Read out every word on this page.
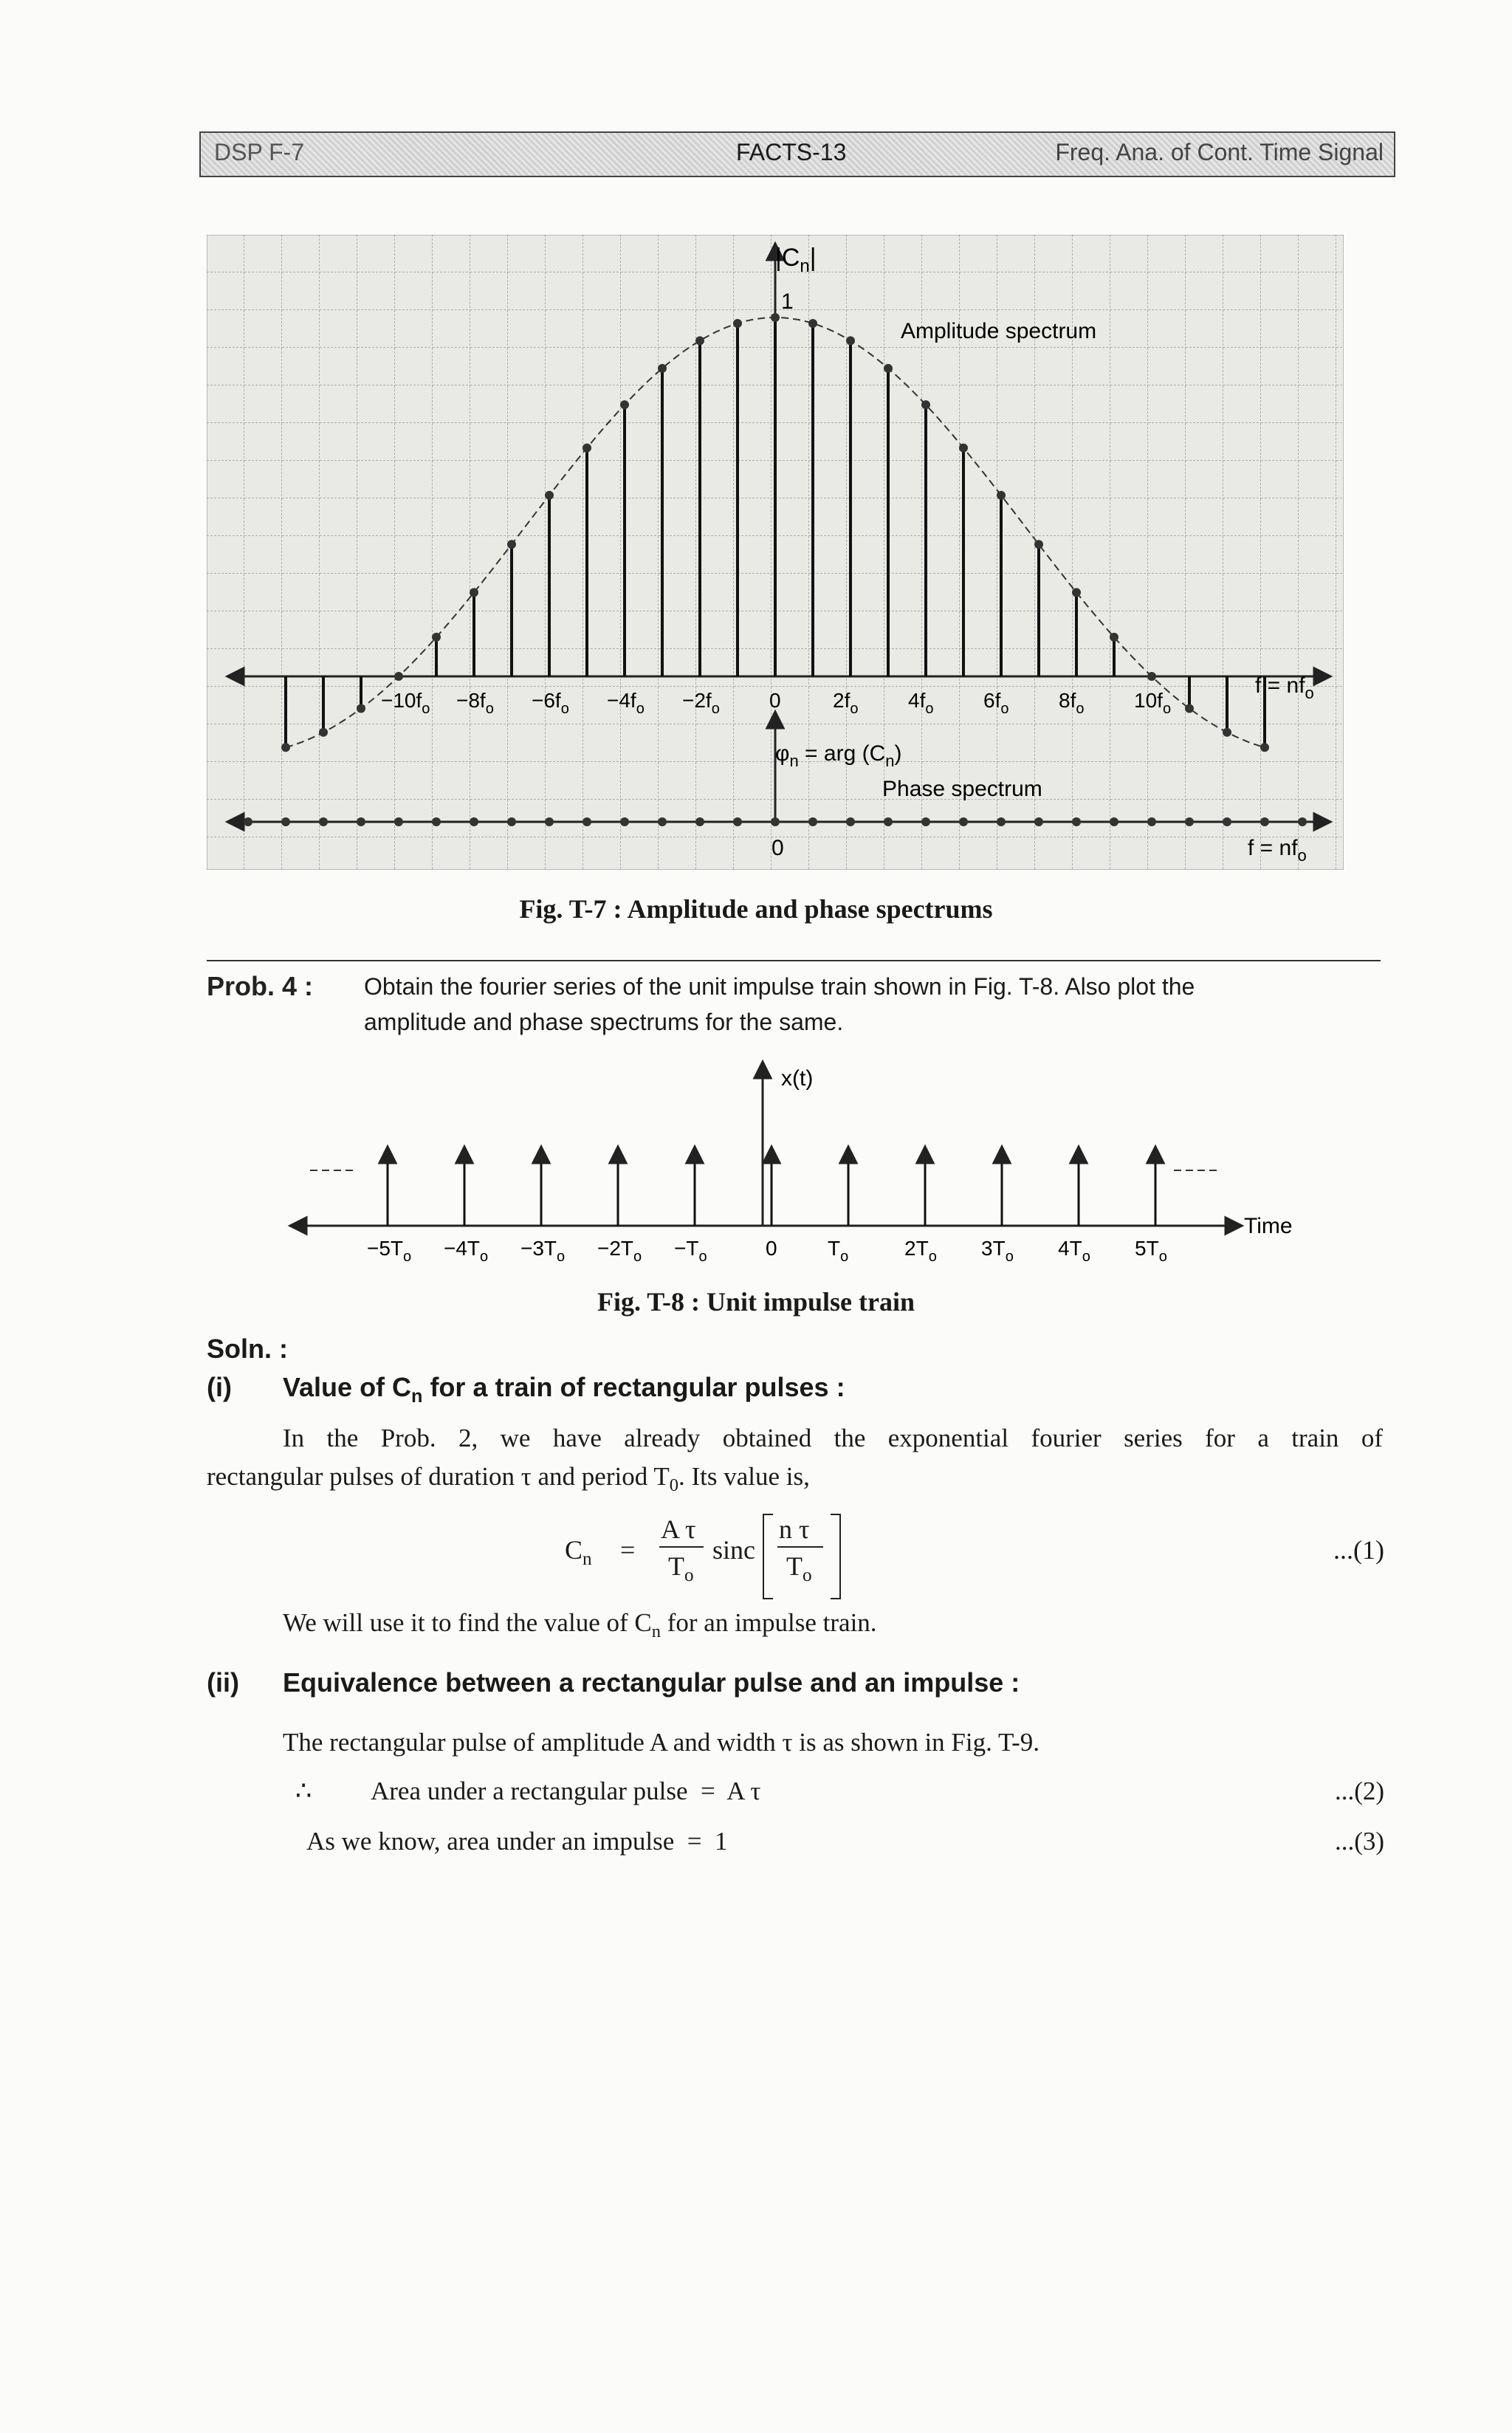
DSP F-7	FACTS-13	Freq. Ana. of Cont. Time Signal
$|C_n|$
1
Amplitude spectrum
$f = nf_o$
$\varphi_n$ = arg $(C_n)$
Phase spectrum
0	$f = nf_o$
$-10f_o -8f_o -6f_o -4f_o -2f_o$ 0	$2f_o$ $4f_o$ $6f_o$ $8f_o$ $10f_o$
Fig. T-7 : Amplitude and phase spectrums
Prob. 4 : Obtain the fourier series of the unit impulse train shown in Fig. T-8. Also plot the
amplitude and phase spectrums for the same.
$-5T_o -4T_o -3T_o -2T_o -T_o$	0 $T_o$	$2T_o$ $3T_o$ $4T_o$ $5T_o$
x(t)
Time
Fig. T-8 : Unit impulse train
Soln. :
(i) Value of $C_n$ for a train of rectangular pulses :
In the Prob. 2, we have already obtained the exponential fourier series for a train of
rectangular pulses of duration τ and period $T_0$. Its value is,
$C_n$ =
A τ
$T_o$
sinc
n τ
$T_o$
...(1)
We will use it to find the value of $C_n$ for an impulse train.
(ii) Equivalence between a rectangular pulse and an impulse :
The rectangular pulse of amplitude A and width τ is as shown in Fig. T-9.
∴ Area under a rectangular pulse  =  A τ	...(2)
As we know, area under an impulse  =  1	...(3)
